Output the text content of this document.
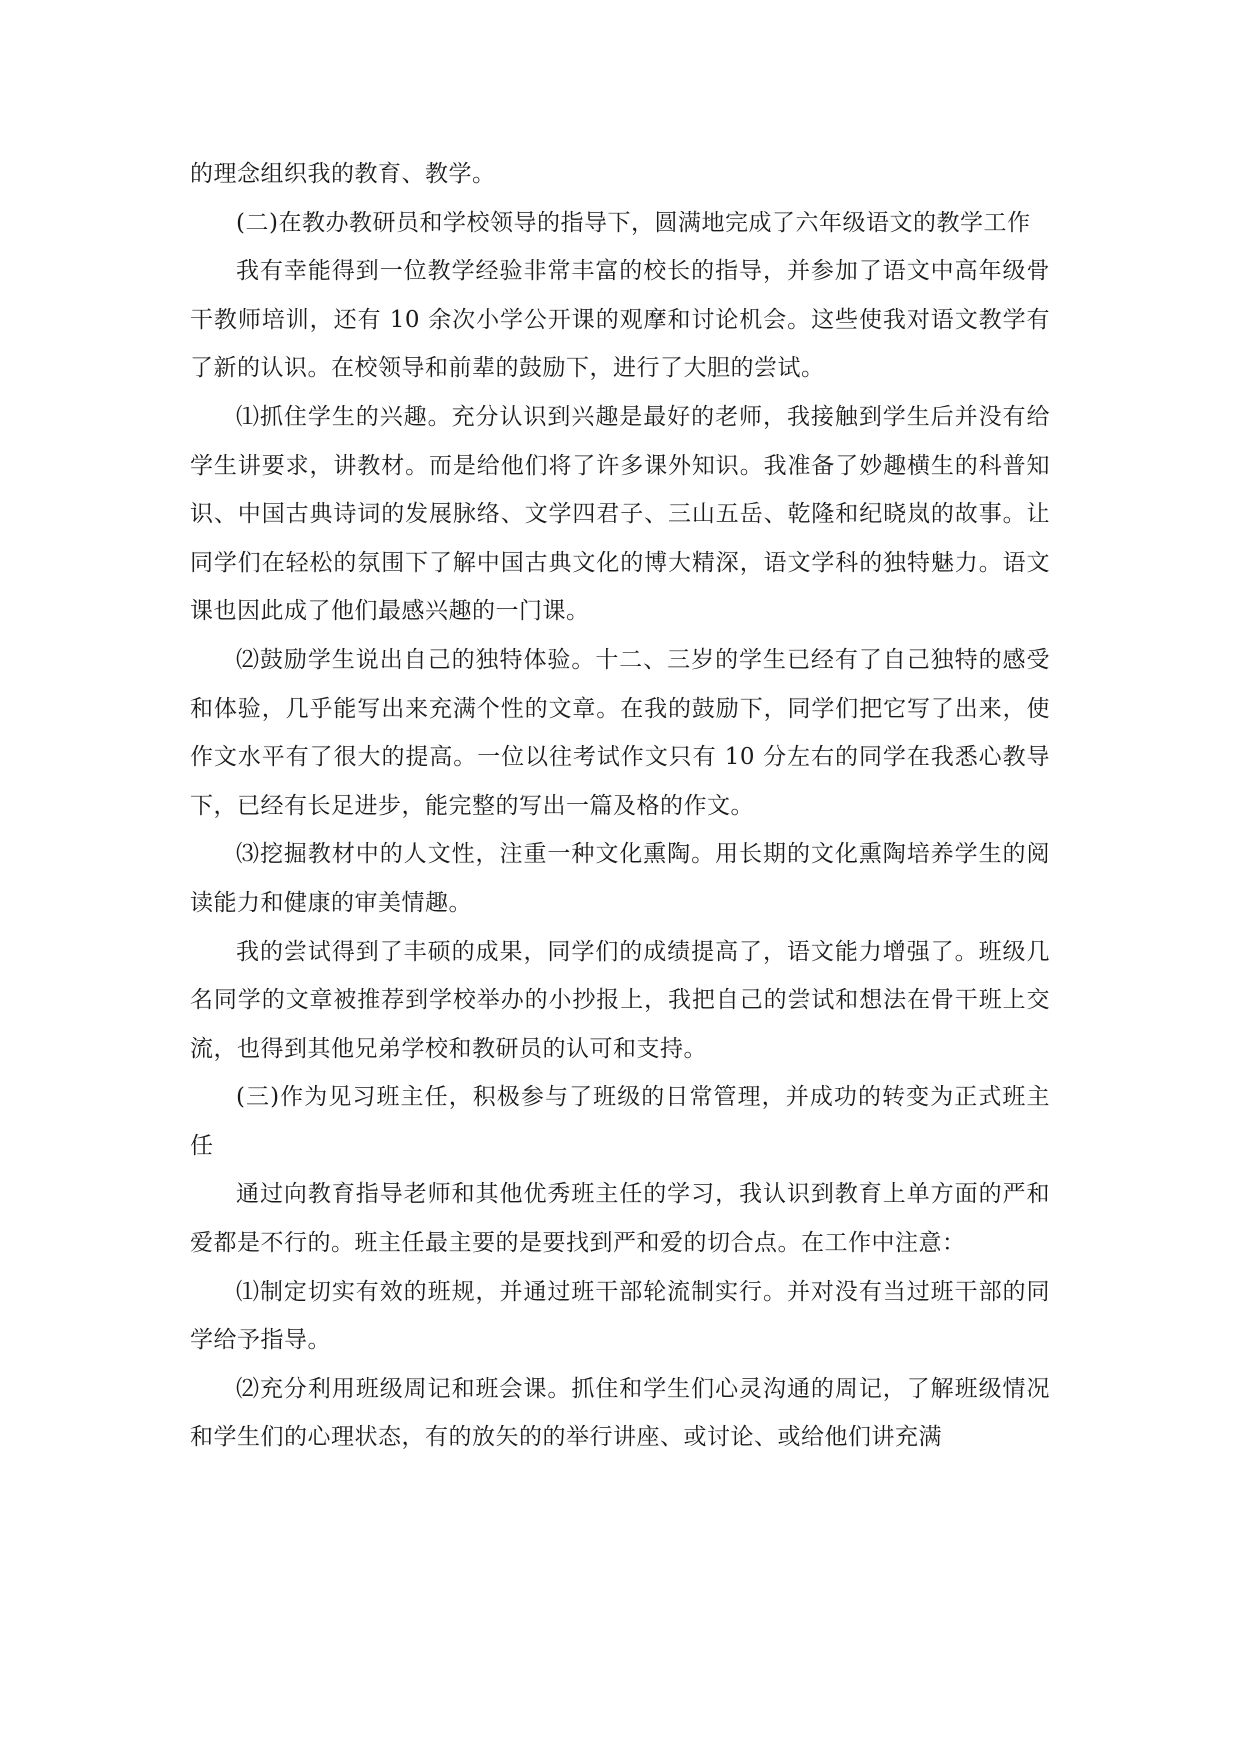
的理念组织我的教育、教学。

(二)在教办教研员和学校领导的指导下，圆满地完成了六年级语文的教学工作

我有幸能得到一位教学经验非常丰富的校长的指导，并参加了语文中高年级骨干教师培训，还有 10 余次小学公开课的观摩和讨论机会。这些使我对语文教学有了新的认识。在校领导和前辈的鼓励下，进行了大胆的尝试。

⑴抓住学生的兴趣。充分认识到兴趣是最好的老师，我接触到学生后并没有给学生讲要求，讲教材。而是给他们将了许多课外知识。我准备了妙趣横生的科普知识、中国古典诗词的发展脉络、文学四君子、三山五岳、乾隆和纪晓岚的故事。让同学们在轻松的氛围下了解中国古典文化的博大精深，语文学科的独特魅力。语文课也因此成了他们最感兴趣的一门课。

⑵鼓励学生说出自己的独特体验。十二、三岁的学生已经有了自己独特的感受和体验，几乎能写出来充满个性的文章。在我的鼓励下，同学们把它写了出来，使作文水平有了很大的提高。一位以往考试作文只有 10 分左右的同学在我悉心教导下，已经有长足进步，能完整的写出一篇及格的作文。

⑶挖掘教材中的人文性，注重一种文化熏陶。用长期的文化熏陶培养学生的阅读能力和健康的审美情趣。

我的尝试得到了丰硕的成果，同学们的成绩提高了，语文能力增强了。班级几名同学的文章被推荐到学校举办的小抄报上，我把自己的尝试和想法在骨干班上交流，也得到其他兄弟学校和教研员的认可和支持。

(三)作为见习班主任，积极参与了班级的日常管理，并成功的转变为正式班主任

通过向教育指导老师和其他优秀班主任的学习，我认识到教育上单方面的严和爱都是不行的。班主任最主要的是要找到严和爱的切合点。在工作中注意：

⑴制定切实有效的班规，并通过班干部轮流制实行。并对没有当过班干部的同学给予指导。

⑵充分利用班级周记和班会课。抓住和学生们心灵沟通的周记，了解班级情况和学生们的心理状态，有的放矢的的举行讲座、或讨论、或给他们讲充满
